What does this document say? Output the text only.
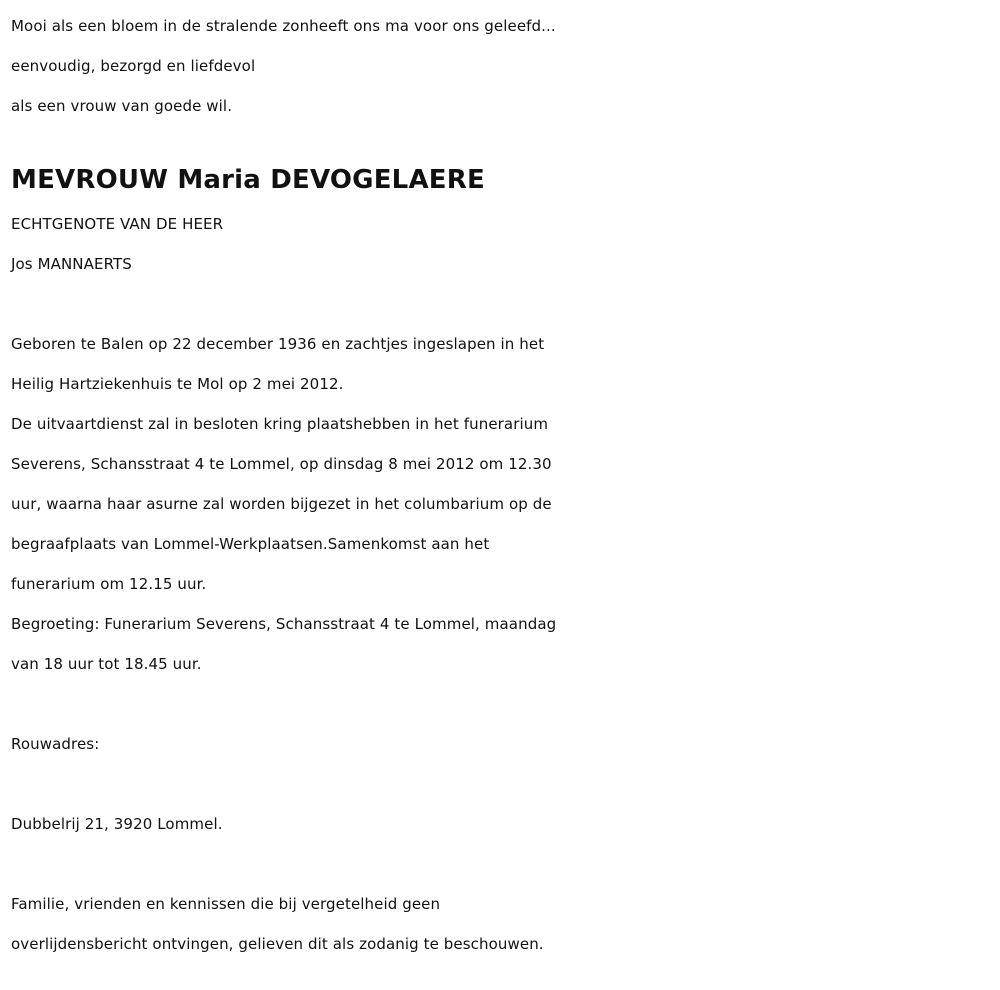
Mooi als een bloem in de stralende zonheeft ons ma voor ons geleefd...
eenvoudig, bezorgd en liefdevol
als een vrouw van goede wil.
MEVROUW Maria DEVOGELAERE
ECHTGENOTE VAN DE HEER
Jos MANNAERTS
Geboren te Balen op 22 december 1936 en zachtjes ingeslapen in het
Heilig Hartziekenhuis te Mol op 2 mei 2012.
De uitvaartdienst zal in besloten kring plaatshebben in het funerarium
Severens, Schansstraat 4 te Lommel, op dinsdag 8 mei 2012 om 12.30
uur, waarna haar asurne zal worden bijgezet in het columbarium op de
begraafplaats van Lommel-Werkplaatsen.Samenkomst aan het
funerarium om 12.15 uur.
Begroeting: Funerarium Severens, Schansstraat 4 te Lommel, maandag
van 18 uur tot 18.45 uur.
Rouwadres:
Dubbelrij 21, 3920 Lommel.
Familie, vrienden en kennissen die bij vergetelheid geen
overlijdensbericht ontvingen, gelieven dit als zodanig te beschouwen.
